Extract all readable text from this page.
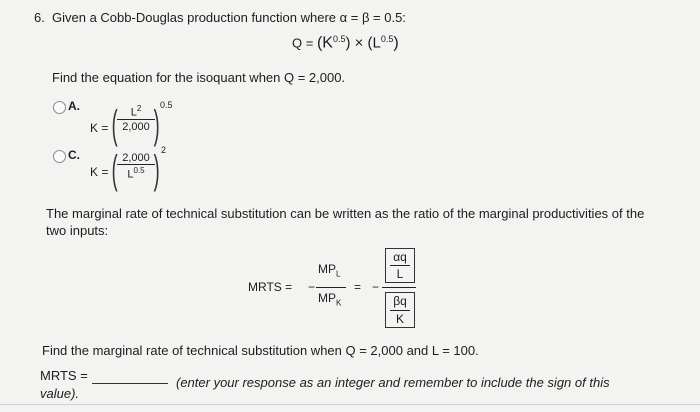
6. Given a Cobb-Douglas production function where α = β = 0.5:
$Q = (K^{0.5}) \times (L^{0.5})$
Find the equation for the isoquant when Q = 2,000.
A.
K = ( $\frac{L^2}{2,000}$
) 0.5
C.
K = ( $\frac{2,000}{L^{0.5}}$
) 2
The marginal rate of technical substitution can be written as the ratio of the marginal productivities of the two inputs:
MRTS = −
$MP_L$
$MP_K$
= −
αq
L
βq
K
Find the marginal rate of technical substitution when Q = 2,000 and L = 100.
MRTS =	(enter your response as an integer and remember to include the sign of this
value).
